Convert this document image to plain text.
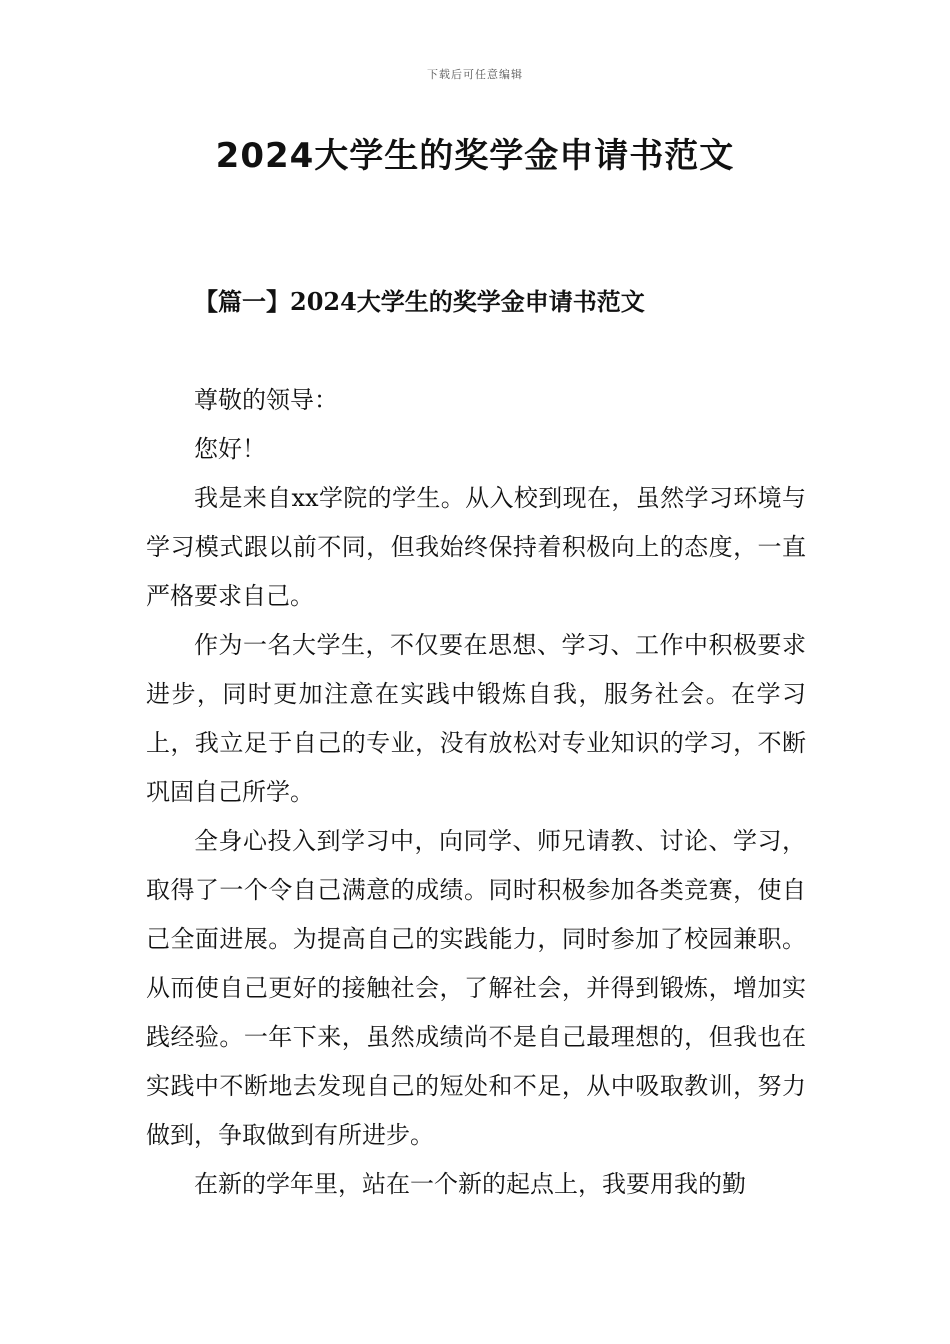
下载后可任意编辑
2024大学生的奖学金申请书范文
【篇一】2024大学生的奖学金申请书范文

尊敬的领导：

您好！

我是来自xx学院的学生。从入校到现在，虽然学习环境与学习模式跟以前不同，但我始终保持着积极向上的态度，一直严格要求自己。

作为一名大学生，不仅要在思想、学习、工作中积极要求进步，同时更加注意在实践中锻炼自我，服务社会。在学习上，我立足于自己的专业，没有放松对专业知识的学习，不断巩固自己所学。

全身心投入到学习中，向同学、师兄请教、讨论、学习，取得了一个令自己满意的成绩。同时积极参加各类竞赛，使自己全面进展。为提高自己的实践能力，同时参加了校园兼职。从而使自己更好的接触社会，了解社会，并得到锻炼，增加实践经验。一年下来，虽然成绩尚不是自己最理想的，但我也在实践中不断地去发现自己的短处和不足，从中吸取教训，努力做到，争取做到有所进步。

在新的学年里，站在一个新的起点上，我要用我的勤
